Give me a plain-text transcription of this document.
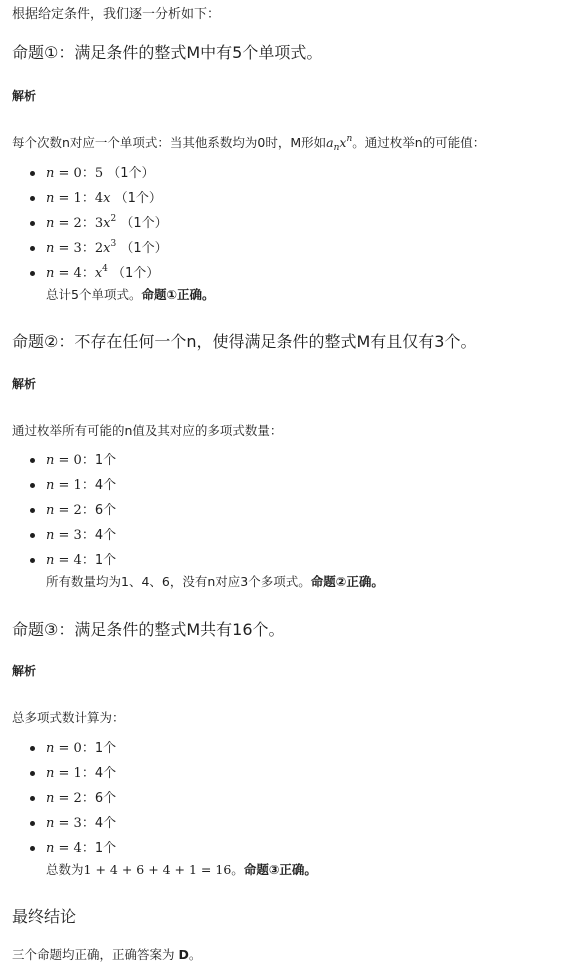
根据给定条件，我们逐一分析如下：
命题①：满足条件的整式M中有5个单项式。

解析

每个次数n对应一个单项式：当其他系数均为0时，M形如$a_nx^n$。通过枚举n的可能值：

n = 0：5 （1个）
n = 1：4x （1个）
n = 2：$3x^2$ （1个）
n = 3：$2x^3$ （1个）
n = 4：$x^4$ （1个）

总计5个单项式。命题①正确。

命题②：不存在任何一个n，使得满足条件的整式M有且仅有3个。

解析

通过枚举所有可能的n值及其对应的多项式数量：

n = 0：1个
n = 1：4个
n = 2：6个
n = 3：4个
n = 4：1个

所有数量均为1、4、6，没有n对应3个多项式。命题②正确。

命题③：满足条件的整式M共有16个。

解析

总多项式数计算为：

n = 0：1个
n = 1：4个
n = 2：6个
n = 3：4个
n = 4：1个

总数为1 + 4 + 6 + 4 + 1 = 16。命题③正确。

最终结论

三个命题均正确，正确答案为 D。
